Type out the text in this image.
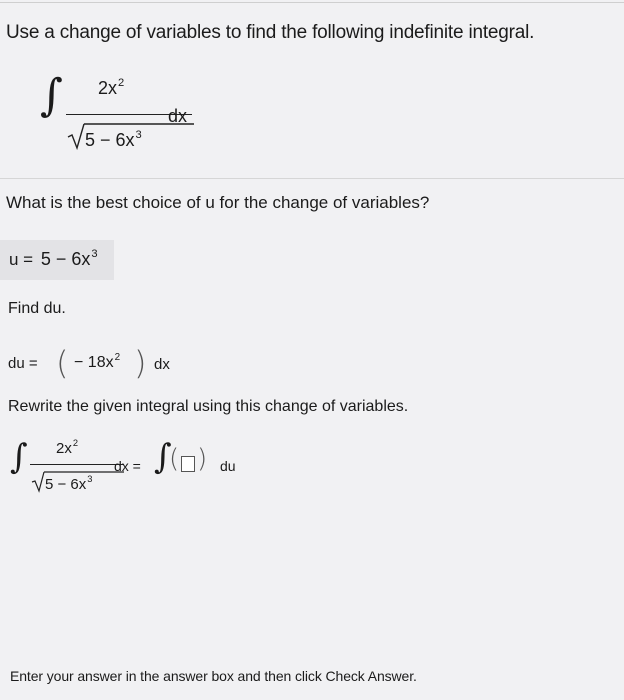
Use a change of variables to find the following indefinite integral.
∫ $2x^2$
$5 - 6x^3$
dx
What is the best choice of u for the change of variables?
$u = 5 - 6x^3$
Find du.
du = ( − $18x^2$ ) dx
Rewrite the given integral using this change of variables.
∫ $2x^2$
$5 - 6x^3$
dx = ∫
( ) du
Enter your answer in the answer box and then click Check Answer.
